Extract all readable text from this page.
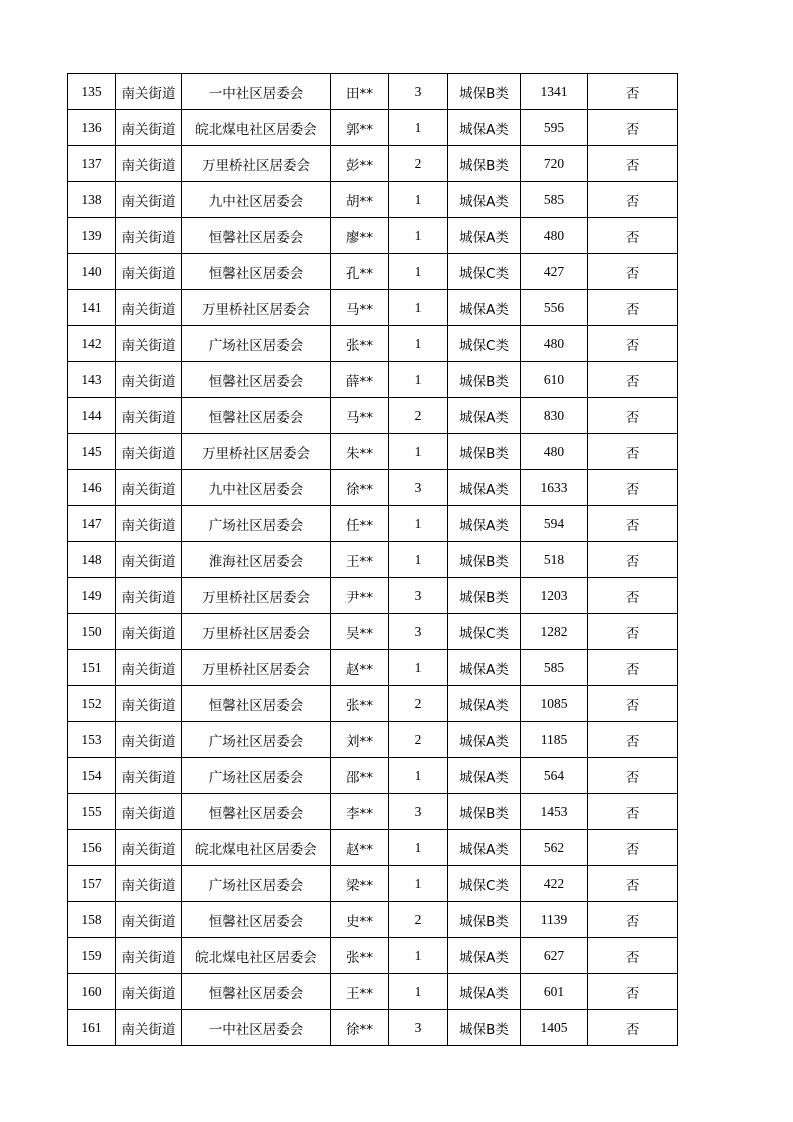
135	南关街道	一中社区居委会	田**	3	城保B类	1341	否
136	南关街道	皖北煤电社区居委会	郭**	1	城保A类	595	否
137	南关街道	万里桥社区居委会	彭**	2	城保B类	720	否
138	南关街道	九中社区居委会	胡**	1	城保A类	585	否
139	南关街道	恒馨社区居委会	廖**	1	城保A类	480	否
140	南关街道	恒馨社区居委会	孔**	1	城保C类	427	否
141	南关街道	万里桥社区居委会	马**	1	城保A类	556	否
142	南关街道	广场社区居委会	张**	1	城保C类	480	否
143	南关街道	恒馨社区居委会	薛**	1	城保B类	610	否
144	南关街道	恒馨社区居委会	马**	2	城保A类	830	否
145	南关街道	万里桥社区居委会	朱**	1	城保B类	480	否
146	南关街道	九中社区居委会	徐**	3	城保A类	1633	否
147	南关街道	广场社区居委会	任**	1	城保A类	594	否
148	南关街道	淮海社区居委会	王**	1	城保B类	518	否
149	南关街道	万里桥社区居委会	尹**	3	城保B类	1203	否
150	南关街道	万里桥社区居委会	吴**	3	城保C类	1282	否
151	南关街道	万里桥社区居委会	赵**	1	城保A类	585	否
152	南关街道	恒馨社区居委会	张**	2	城保A类	1085	否
153	南关街道	广场社区居委会	刘**	2	城保A类	1185	否
154	南关街道	广场社区居委会	邵**	1	城保A类	564	否
155	南关街道	恒馨社区居委会	李**	3	城保B类	1453	否
156	南关街道	皖北煤电社区居委会	赵**	1	城保A类	562	否
157	南关街道	广场社区居委会	梁**	1	城保C类	422	否
158	南关街道	恒馨社区居委会	史**	2	城保B类	1139	否
159	南关街道	皖北煤电社区居委会	张**	1	城保A类	627	否
160	南关街道	恒馨社区居委会	王**	1	城保A类	601	否
161	南关街道	一中社区居委会	徐**	3	城保B类	1405	否
